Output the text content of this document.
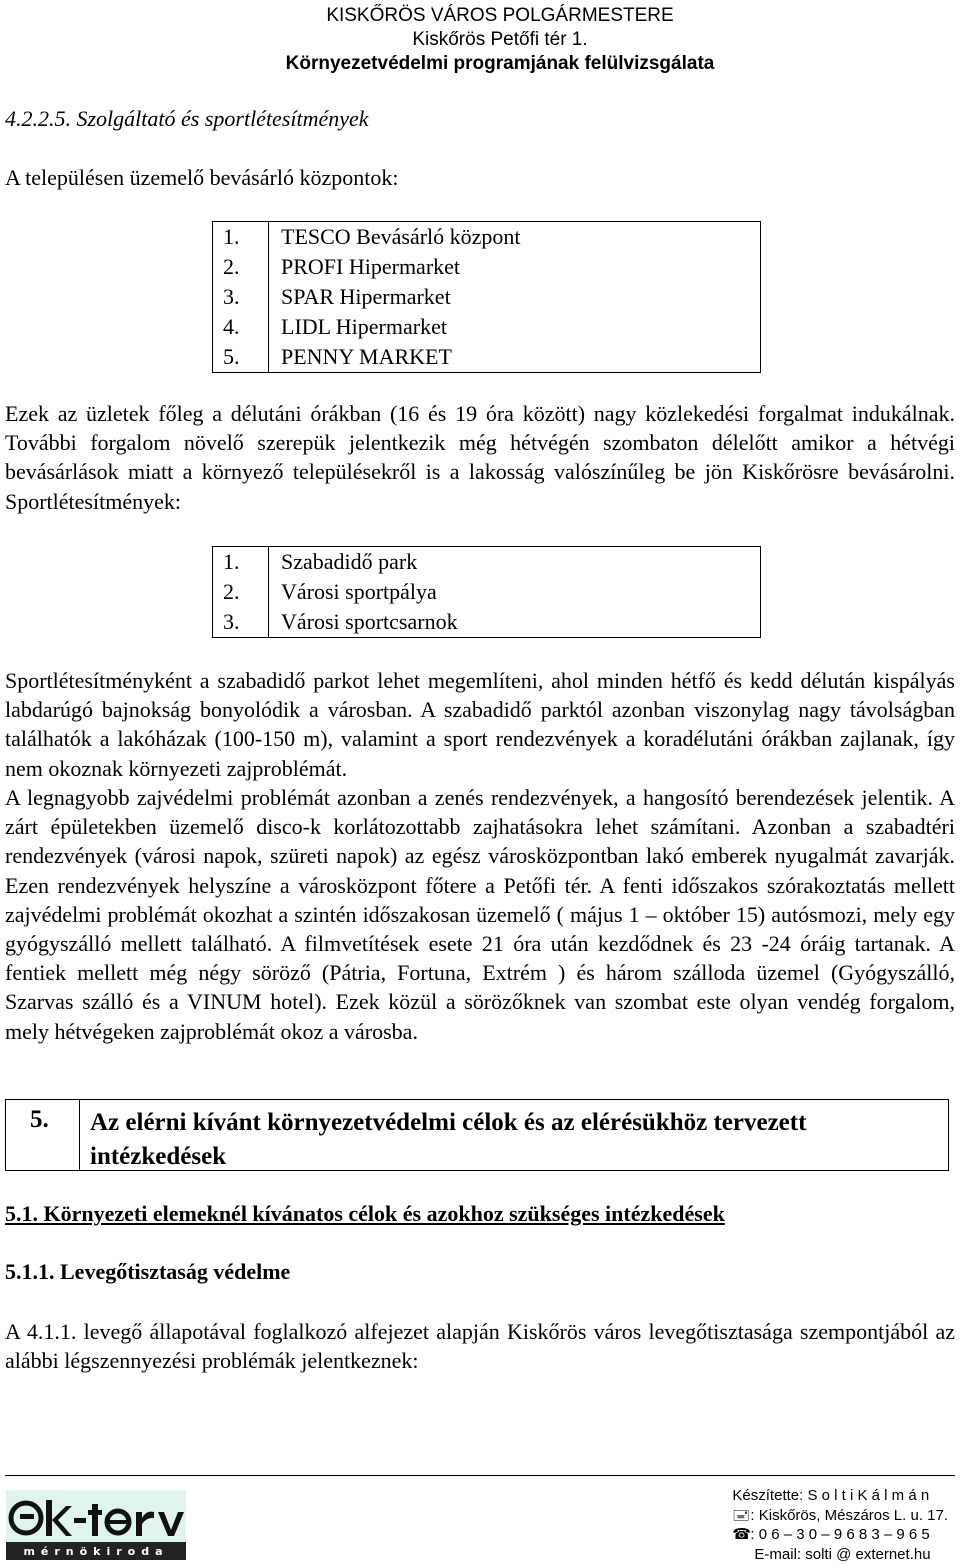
KISKŐRÖS VÁROS POLGÁRMESTERE
Kiskőrös Petőfi tér 1.
Környezetvédelmi programjának felülvizsgálata
4.2.2.5. Szolgáltató és sportlétesítmények
A településen üzemelő bevásárló központok:
1. TESCO Bevásárló központ
2. PROFI Hipermarket
3. SPAR Hipermarket
4. LIDL Hipermarket
5. PENNY MARKET
Ezek az üzletek főleg a délutáni órákban (16 és 19 óra között) nagy közlekedési forgalmat indukálnak. További forgalom növelő szerepük jelentkezik még hétvégén szombaton délelőtt amikor a hétvégi bevásárlások miatt a környező településekről is a lakosság valószínűleg be jön Kiskőrösre bevásárolni. Sportlétesítmények:
1. Szabadidő park
2. Városi sportpálya
3. Városi sportcsarnok
Sportlétesítményként a szabadidő parkot lehet megemlíteni, ahol minden hétfő és kedd délután kispályás labdarúgó bajnokság bonyolódik a városban. A szabadidő parktól azonban viszonylag nagy távolságban találhatók a lakóházak (100-150 m), valamint a sport rendezvények a koradélutáni órákban zajlanak, így nem okoznak környezeti zajproblémát.
A legnagyobb zajvédelmi problémát azonban a zenés rendezvények, a hangosító berendezések jelentik. A zárt épületekben üzemelő disco-k korlátozottabb zajhatásokra lehet számítani. Azonban a szabadtéri rendezvények (városi napok, szüreti napok) az egész városközpontban lakó emberek nyugalmát zavarják. Ezen rendezvények helyszíne a városközpont főtere a Petőfi tér. A fenti időszakos szórakoztatás mellett zajvédelmi problémát okozhat a szintén időszakosan üzemelő ( május 1 – október 15) autósmozi, mely egy gyógyszálló mellett található. A filmvetítések esete 21 óra után kezdődnek és 23 -24 óráig tartanak. A fentiek mellett még négy söröző (Pátria, Fortuna, Extrém ) és három szálloda üzemel (Gyógyszálló, Szarvas szálló és a VINUM hotel). Ezek közül a sörözőknek van szombat este olyan vendég forgalom, mely hétvégeken zajproblémát okoz a városba.
5. Az elérni kívánt környezetvédelmi célok és az elérésükhöz tervezett intézkedések
5.1. Környezeti elemeknél kívánatos célok és azokhoz szükséges intézkedések
5.1.1. Levegőtisztaság védelme
A 4.1.1. levegő állapotával foglalkozó alfejezet alapján Kiskőrös város levegőtisztasága szempontjából az alábbi légszennyezési problémák jelentkeznek:
mérnökiroda
Készítette: S o l t i K á l m á n
🖃: Kiskőrös, Mészáros L. u. 17.
☎: 0 6 – 3 0 – 9 6 8 3 – 9 6 5
E-mail: solti @ externet.hu
